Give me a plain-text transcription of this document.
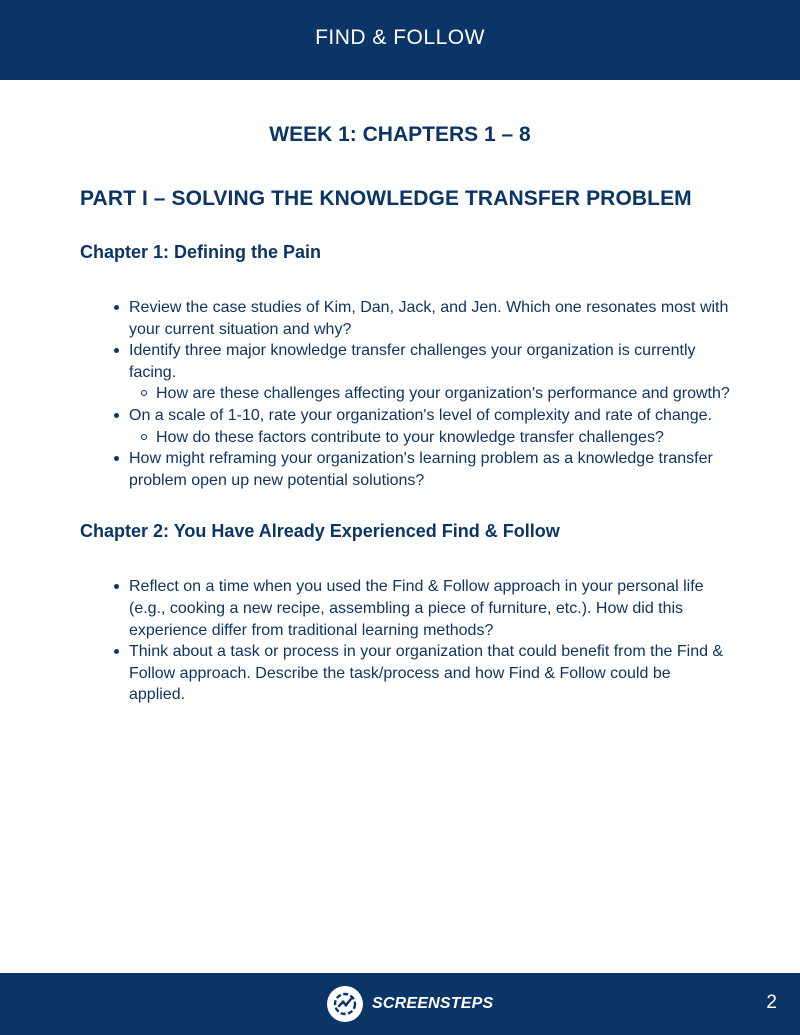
FIND & FOLLOW
WEEK 1: CHAPTERS 1 – 8
PART I – SOLVING THE KNOWLEDGE TRANSFER PROBLEM
Chapter 1: Defining the Pain
Review the case studies of Kim, Dan, Jack, and Jen. Which one resonates most with your current situation and why?
Identify three major knowledge transfer challenges your organization is currently facing.
How are these challenges affecting your organization's performance and growth?
On a scale of 1-10, rate your organization's level of complexity and rate of change.
How do these factors contribute to your knowledge transfer challenges?
How might reframing your organization's learning problem as a knowledge transfer problem open up new potential solutions?
Chapter 2: You Have Already Experienced Find & Follow
Reflect on a time when you used the Find & Follow approach in your personal life (e.g., cooking a new recipe, assembling a piece of furniture, etc.). How did this experience differ from traditional learning methods?
Think about a task or process in your organization that could benefit from the Find & Follow approach. Describe the task/process and how Find & Follow could be applied.
SCREENSTEPS	2
